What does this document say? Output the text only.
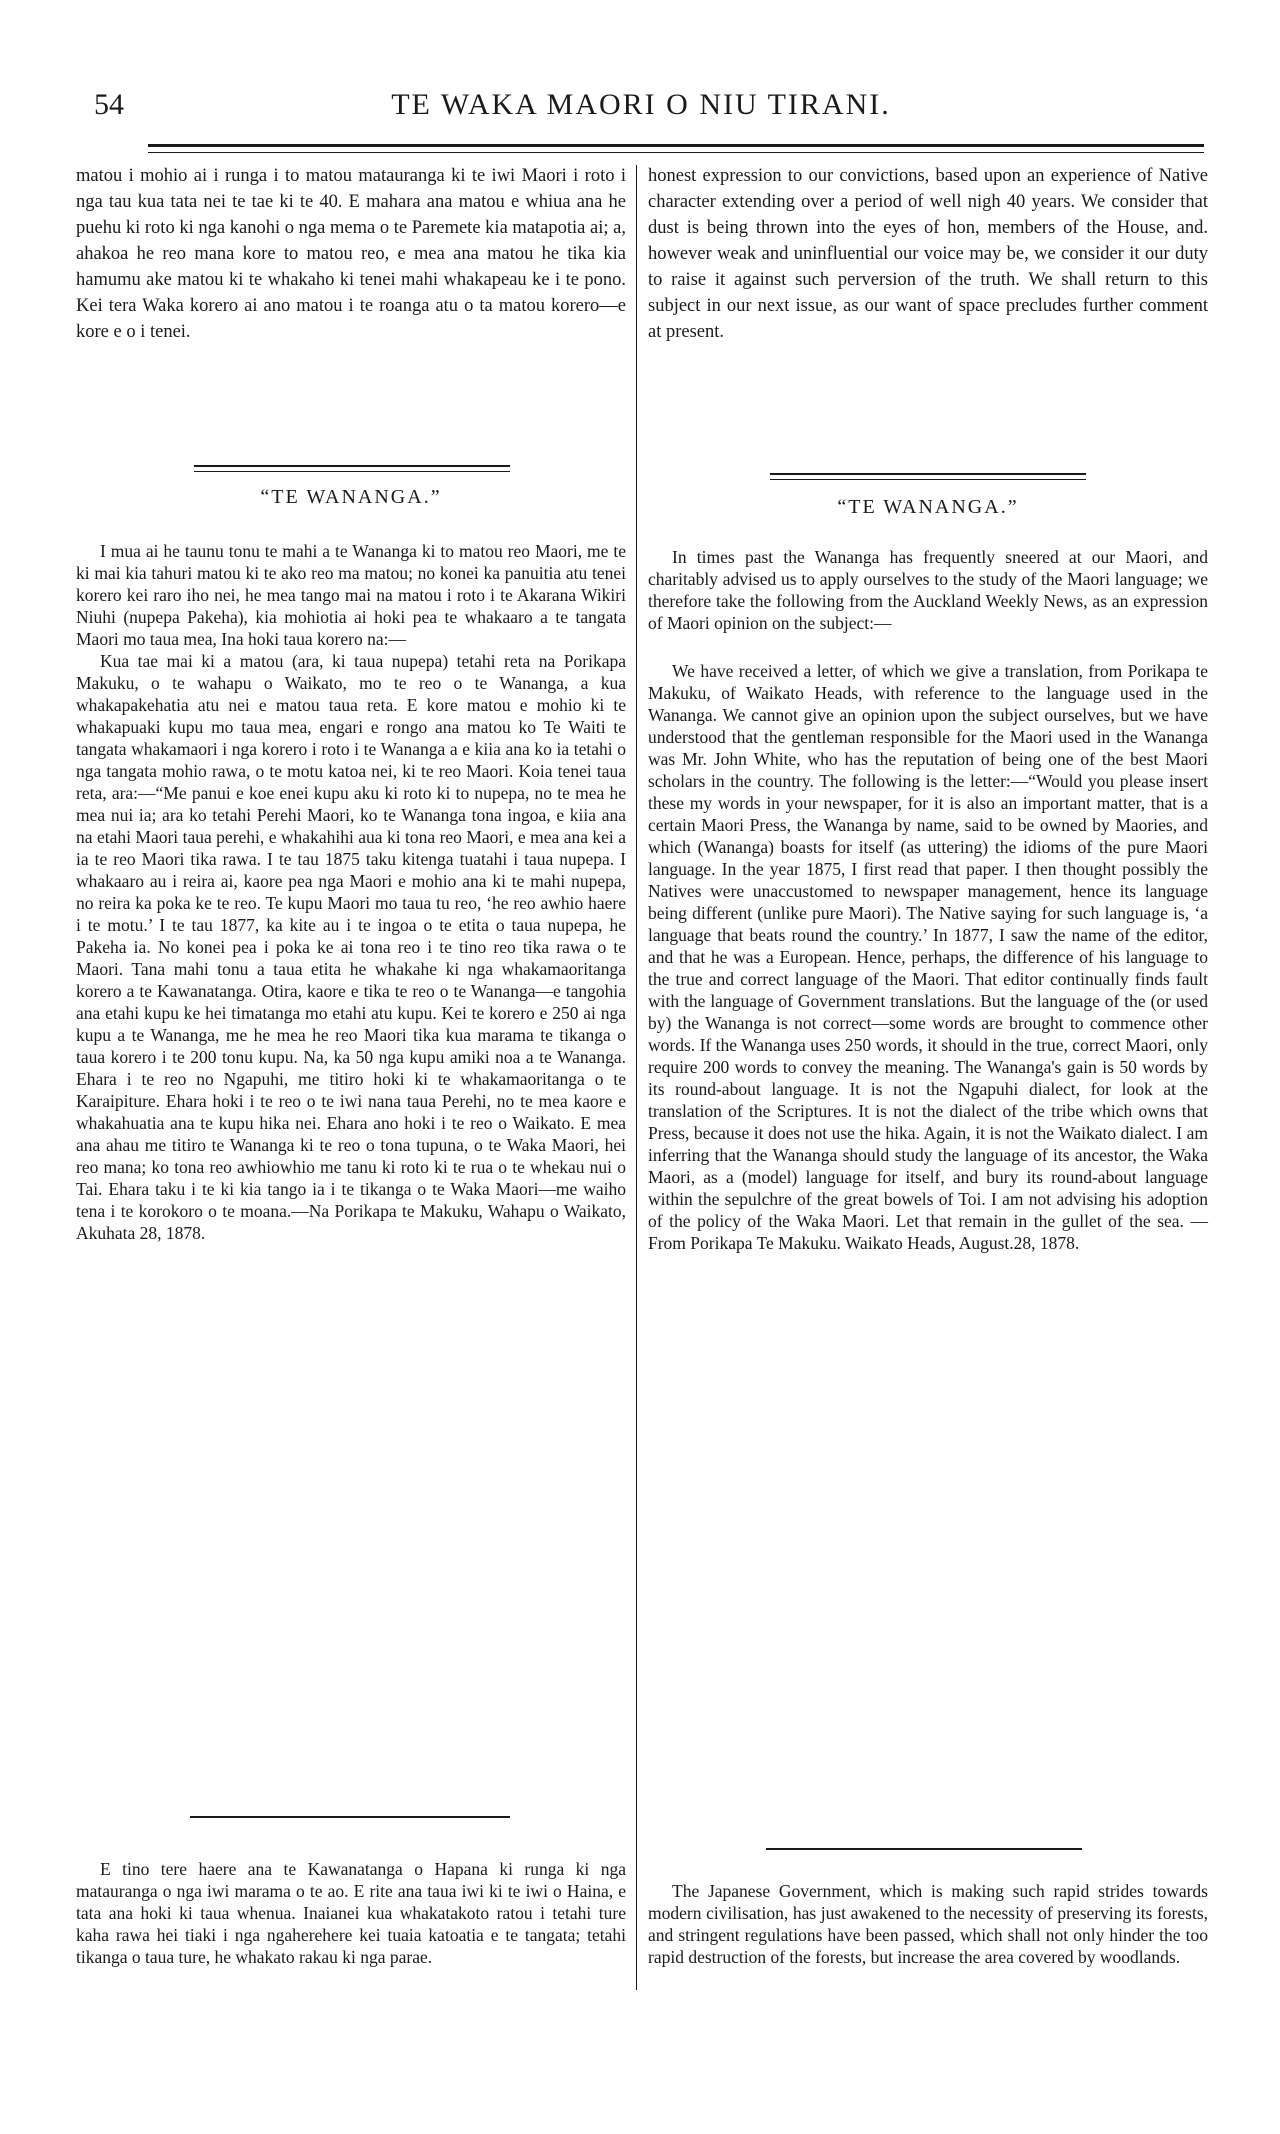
54	TE WAKA MAORI O NIU TIRANI.

matou i mohio ai i runga i to matou matauranga ki te iwi Maori i roto i nga tau kua tata nei te tae ki te 40. E mahara ana matou e whiua ana he puehu ki roto ki nga kanohi o nga mema o te Paremete kia matapotia ai; a, ahakoa he reo mana kore to matou reo, e mea ana matou he tika kia hamumu ake matou ki te whakaho ki tenei mahi whakapeau ke i te pono. Kei tera Waka korero ai ano matou i te roanga atu o ta matou korero—e kore e o i tenei.

“TE WANANGA.”

I mua ai he taunu tonu te mahi a te Wananga ki to matou reo Maori, me te ki mai kia tahuri matou ki te ako reo ma matou; no konei ka panuitia atu tenei korero kei raro iho nei, he mea tango mai na matou i roto i te Akarana Wikiri Niuhi (nupepa Pakeha), kia mohiotia ai hoki pea te whakaaro a te tangata Maori mo taua mea, Ina hoki taua korero na:—

Kua tae mai ki a matou (ara, ki taua nupepa) tetahi reta na Porikapa Makuku, o te wahapu o Waikato, mo te reo o te Wananga, a kua whakapakehatia atu nei e matou taua reta. E kore matou e mohio ki te whakapuaki kupu mo taua mea, engari e rongo ana matou ko Te Waiti te tangata whakamaori i nga korero i roto i te Wananga a e kiia ana ko ia tetahi o nga tangata mohio rawa, o te motu katoa nei, ki te reo Maori. Koia tenei taua reta, ara:—“Me panui e koe enei kupu aku ki roto ki to nupepa, no te mea he mea nui ia; ara ko tetahi Perehi Maori, ko te Wananga tona ingoa, e kiia ana na etahi Maori taua perehi, e whakahihi aua ki tona reo Maori, e mea ana kei a ia te reo Maori tika rawa. I te tau 1875 taku kitenga tuatahi i taua nupepa. I whakaaro au i reira ai, kaore pea nga Maori e mohio ana ki te mahi nupepa, no reira ka poka ke te reo. Te kupu Maori mo taua tu reo, ‘he reo awhio haere i te motu.’ I te tau 1877, ka kite au i te ingoa o te etita o taua nupepa, he Pakeha ia. No konei pea i poka ke ai tona reo i te tino reo tika rawa o te Maori. Tana mahi tonu a taua etita he whakahe ki nga whakamaoritanga korero a te Kawanatanga. Otira, kaore e tika te reo o te Wananga—e tangohia ana etahi kupu ke hei timatanga mo etahi atu kupu. Kei te korero e 250 ai nga kupu a te Wananga, me he mea he reo Maori tika kua marama te tikanga o taua korero i te 200 tonu kupu. Na, ka 50 nga kupu amiki noa a te Wananga. Ehara i te reo no Ngapuhi, me titiro hoki ki te whakamaoritanga o te Karaipiture. Ehara hoki i te reo o te iwi nana taua Perehi, no te mea kaore e whakahuatia ana te kupu hika nei. Ehara ano hoki i te reo o Waikato. E mea ana ahau me titiro te Wananga ki te reo o tona tupuna, o te Waka Maori, hei reo mana; ko tona reo awhiowhio me tanu ki roto ki te rua o te whekau nui o Tai. Ehara taku i te ki kia tango ia i te tikanga o te Waka Maori—me waiho tena i te korokoro o te moana.—Na Porikapa te Makuku, Wahapu o Waikato, Akuhata 28, 1878.

E tino tere haere ana te Kawanatanga o Hapana ki runga ki nga matauranga o nga iwi marama o te ao. E rite ana taua iwi ki te iwi o Haina, e tata ana hoki ki taua whenua. Inaianei kua whakatakoto ratou i tetahi ture kaha rawa hei tiaki i nga ngaherehere kei tuaia katoatia e te tangata; tetahi tikanga o taua ture, he whakato rakau ki nga parae.

honest expression to our convictions, based upon an experience of Native character extending over a period of well nigh 40 years. We consider that dust is being thrown into the eyes of hon, members of the House, and. however weak and uninfluential our voice may be, we consider it our duty to raise it against such perversion of the truth. We shall return to this subject in our next issue, as our want of space precludes further comment at present.

“TE WANANGA.”

In times past the Wananga has frequently sneered at our Maori, and charitably advised us to apply ourselves to the study of the Maori language; we therefore take the following from the Auckland Weekly News, as an expression of Maori opinion on the subject:—

We have received a letter, of which we give a translation, from Porikapa te Makuku, of Waikato Heads, with reference to the language used in the Wananga. We cannot give an opinion upon the subject ourselves, but we have understood that the gentleman responsible for the Maori used in the Wananga was Mr. John White, who has the reputation of being one of the best Maori scholars in the country. The following is the letter:—“Would you please insert these my words in your newspaper, for it is also an important matter, that is a certain Maori Press, the Wananga by name, said to be owned by Maories, and which (Wananga) boasts for itself (as uttering) the idioms of the pure Maori language. In the year 1875, I first read that paper. I then thought possibly the Natives were unaccustomed to newspaper management, hence its language being different (unlike pure Maori). The Native saying for such language is, ‘a language that beats round the country.’ In 1877, I saw the name of the editor, and that he was a European. Hence, perhaps, the difference of his language to the true and correct language of the Maori. That editor continually finds fault with the language of Government translations. But the language of the (or used by) the Wananga is not correct—some words are brought to commence other words. If the Wananga uses 250 words, it should in the true, correct Maori, only require 200 words to convey the meaning. The Wananga's gain is 50 words by its round-about language. It is not the Ngapuhi dialect, for look at the translation of the Scriptures. It is not the dialect of the tribe which owns that Press, because it does not use the hika. Again, it is not the Waikato dialect. I am inferring that the Wananga should study the language of its ancestor, the Waka Maori, as a (model) language for itself, and bury its round-about language within the sepulchre of the great bowels of Toi. I am not advising his adoption of the policy of the Waka Maori. Let that remain in the gullet of the sea. —From Porikapa Te Makuku. Waikato Heads, August.28, 1878.

The Japanese Government, which is making such rapid strides towards modern civilisation, has just awakened to the necessity of preserving its forests, and stringent regulations have been passed, which shall not only hinder the too rapid destruction of the forests, but increase the area covered by woodlands.
